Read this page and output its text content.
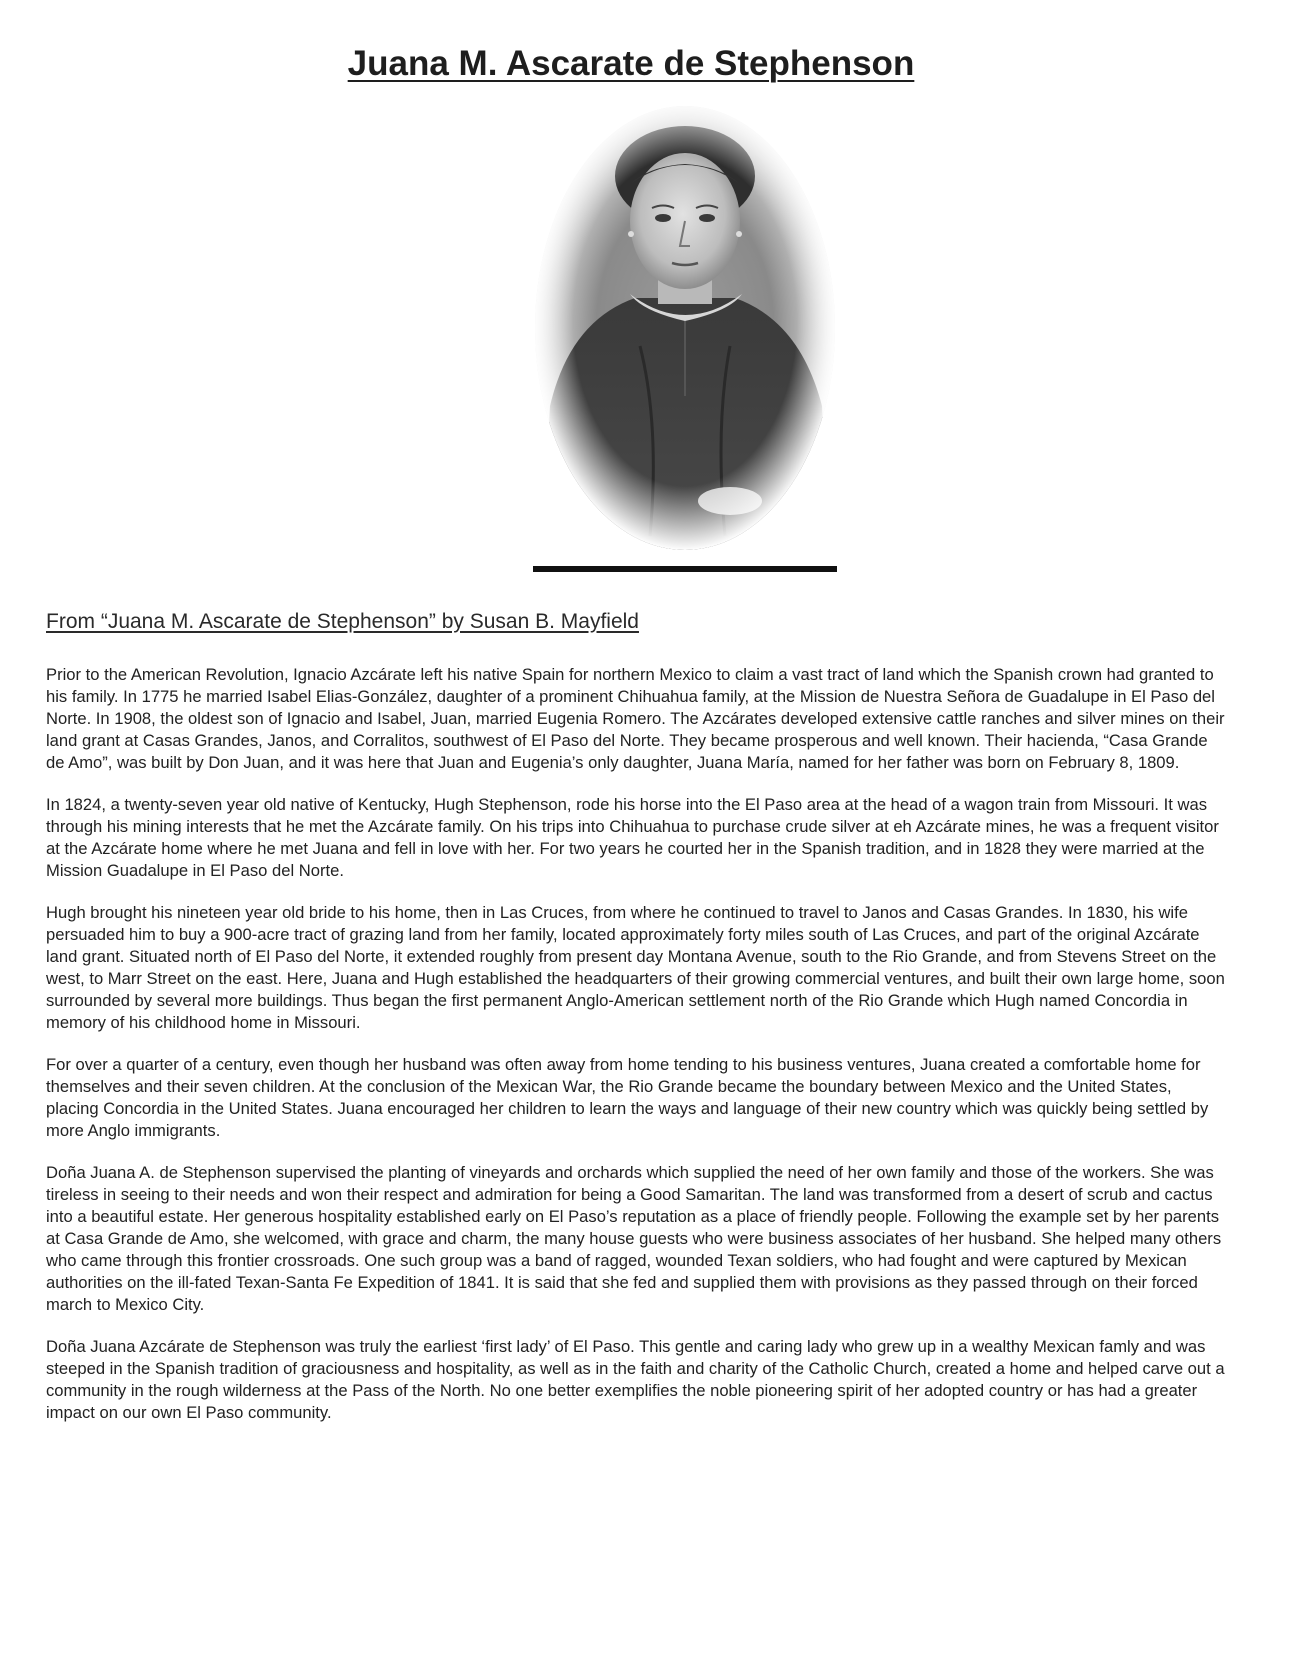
Juana M. Ascarate de Stephenson

From “Juana M. Ascarate de Stephenson” by Susan B. Mayfield

Prior to the American Revolution, Ignacio Azcárate left his native Spain for northern Mexico to claim a vast tract of land which the Spanish crown had granted to his family. In 1775 he married Isabel Elias-González, daughter of a prominent Chihuahua family, at the Mission de Nuestra Señora de Guadalupe in El Paso del Norte. In 1908, the oldest son of Ignacio and Isabel, Juan, married Eugenia Romero. The Azcárates developed extensive cattle ranches and silver mines on their land grant at Casas Grandes, Janos, and Corralitos, southwest of El Paso del Norte. They became prosperous and well known. Their hacienda, “Casa Grande de Amo”, was built by Don Juan, and it was here that Juan and Eugenia’s only daughter, Juana María, named for her father was born on February 8, 1809.

In 1824, a twenty-seven year old native of Kentucky, Hugh Stephenson, rode his horse into the El Paso area at the head of a wagon train from Missouri. It was through his mining interests that he met the Azcárate family. On his trips into Chihuahua to purchase crude silver at eh Azcárate mines, he was a frequent visitor at the Azcárate home where he met Juana and fell in love with her. For two years he courted her in the Spanish tradition, and in 1828 they were married at the Mission Guadalupe in El Paso del Norte.

Hugh brought his nineteen year old bride to his home, then in Las Cruces, from where he continued to travel to Janos and Casas Grandes. In 1830, his wife persuaded him to buy a 900-acre tract of grazing land from her family, located approximately forty miles south of Las Cruces, and part of the original Azcárate land grant. Situated north of El Paso del Norte, it extended roughly from present day Montana Avenue, south to the Rio Grande, and from Stevens Street on the west, to Marr Street on the east. Here, Juana and Hugh established the headquarters of their growing commercial ventures, and built their own large home, soon surrounded by several more buildings. Thus began the first permanent Anglo-American settlement north of the Rio Grande which Hugh named Concordia in memory of his childhood home in Missouri.

For over a quarter of a century, even though her husband was often away from home tending to his business ventures, Juana created a comfortable home for themselves and their seven children. At the conclusion of the Mexican War, the Rio Grande became the boundary between Mexico and the United States, placing Concordia in the United States. Juana encouraged her children to learn the ways and language of their new country which was quickly being settled by more Anglo immigrants.

Doña Juana A. de Stephenson supervised the planting of vineyards and orchards which supplied the need of her own family and those of the workers. She was tireless in seeing to their needs and won their respect and admiration for being a Good Samaritan. The land was transformed from a desert of scrub and cactus into a beautiful estate. Her generous hospitality established early on El Paso’s reputation as a place of friendly people. Following the example set by her parents at Casa Grande de Amo, she welcomed, with grace and charm, the many house guests who were business associates of her husband. She helped many others who came through this frontier crossroads. One such group was a band of ragged, wounded Texan soldiers, who had fought and were captured by Mexican authorities on the ill-fated Texan-Santa Fe Expedition of 1841. It is said that she fed and supplied them with provisions as they passed through on their forced march to Mexico City.

Doña Juana Azcárate de Stephenson was truly the earliest ‘first lady’ of El Paso. This gentle and caring lady who grew up in a wealthy Mexican famly and was steeped in the Spanish tradition of graciousness and hospitality, as well as in the faith and charity of the Catholic Church, created a home and helped carve out a community in the rough wilderness at the Pass of the North. No one better exemplifies the noble pioneering spirit of her adopted country or has had a greater impact on our own El Paso community.
